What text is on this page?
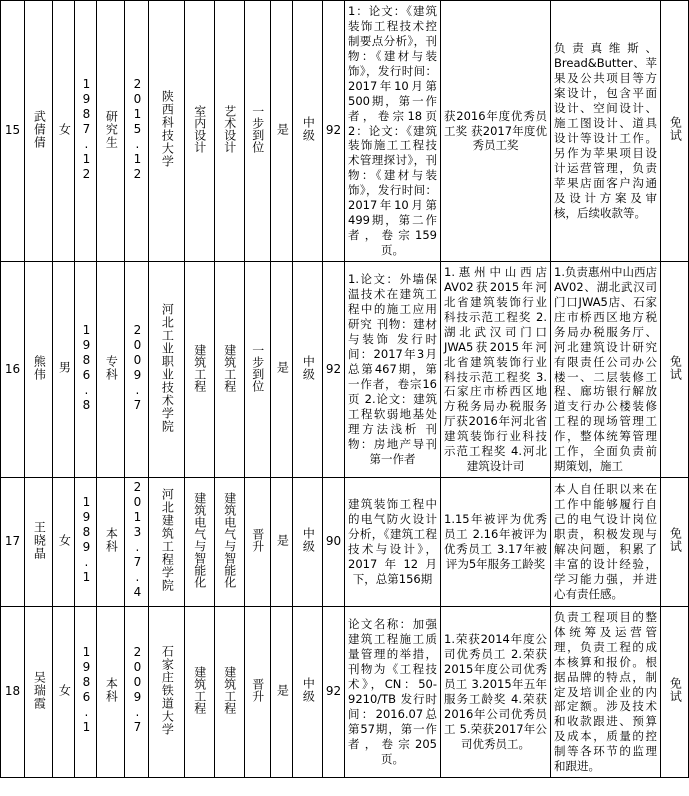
15	武倩倩	女	1987.12	研究生	2015.12	陕西科技大学	室内设计	艺术设计	一步到位	是	中级	92	1：论文：《建筑装饰工程技术控制要点分析》，刊物：《建材与装饰》，发行时间：2017年10月第500期，第一作者，卷宗18页 2：论文：《建筑装饰施工工程技术管理探讨》，刊物：《建材与装饰》，发行时间：2017年10月第499期，第二作者，卷宗159页。	获2016年度优秀员工奖 获2017年度优秀员工奖	负责真维斯、Bread&Butter、苹果及公共项目等方案设计，包含平面设计、空间设计、施工图设计、道具设计等设计工作。另作为苹果项目设计运营管理，负责苹果店面客户沟通及设计方案及审核，后续收款等。	免试
16	熊伟	男	1986.8	专科	2009.7	河北工业职业技术学院	建筑工程	建筑工程	一步到位	是	中级	92	1.论文：外墙保温技术在建筑工程中的施工应用研究 刊物：建材与装饰 发行时间：2017年3月总第467期，第一作者，卷宗16页 2.论文：建筑工程软弱地基处理方法浅析 刊物：房地产导刊 第一作者	1.惠州中山西店AV02获2015年河北省建筑装饰行业科技示范工程奖 2.湖北武汉司门口JWA5获2015年河北省建筑装饰行业科技示范工程奖 3.石家庄市桥西区地方税务局办税服务厅获2016年河北省建筑装饰行业科技示范工程奖 4.河北建筑设计司	1.负责惠州中山西店AV02、湖北武汉司门口JWA5店、石家庄市桥西区地方税务局办税服务厅、河北建筑设计研究有限责任公司办公楼一、二层装修工程、廊坊银行解放道支行办公楼装修工程的现场管理工作，整体统筹管理工作，全面负责前期策划，施工	免试
17	王晓晶	女	1989.1	本科	2013.7.4	河北建筑工程学院	建筑电气与智能化	建筑电气与智能化	晋升	是	中级	90	建筑装饰工程中的电气防火设计分析，《建筑工程技术与设计》，2017年12月下，总第156期	1.15年被评为优秀员工 2.16年被评为优秀员工 3.17年被评为5年服务工龄奖	本人自任职以来在工作中能够履行自己的电气设计岗位职责，积极发现与解决问题，积累了丰富的设计经验，学习能力强，并进心有责任感。	免试
18	吴瑞霞	女	1986.1	本科	2009.7	石家庄铁道大学	建筑工程	建筑工程	晋升	是	中级	92	论文名称：加强建筑工程施工质量管理的举措，刊物为《工程技术》，CN：50-9210/TB 发行时间：2016.07总第57期，第一作者，卷宗205页。	1.荣获2014年度公司优秀员工 2.荣获2015年度公司优秀员工 3.2015年五年服务工龄奖 4.荣获2016年公司优秀员工 5.荣获2017年公司优秀员工。	负责工程项目的整体统筹及运营管理，负责工程的成本核算和报价。根据品牌的特点，制定及培训企业的内部定额。涉及技术和收款跟进、预算及成本，质量的控制等各环节的监理和跟进。	免试
